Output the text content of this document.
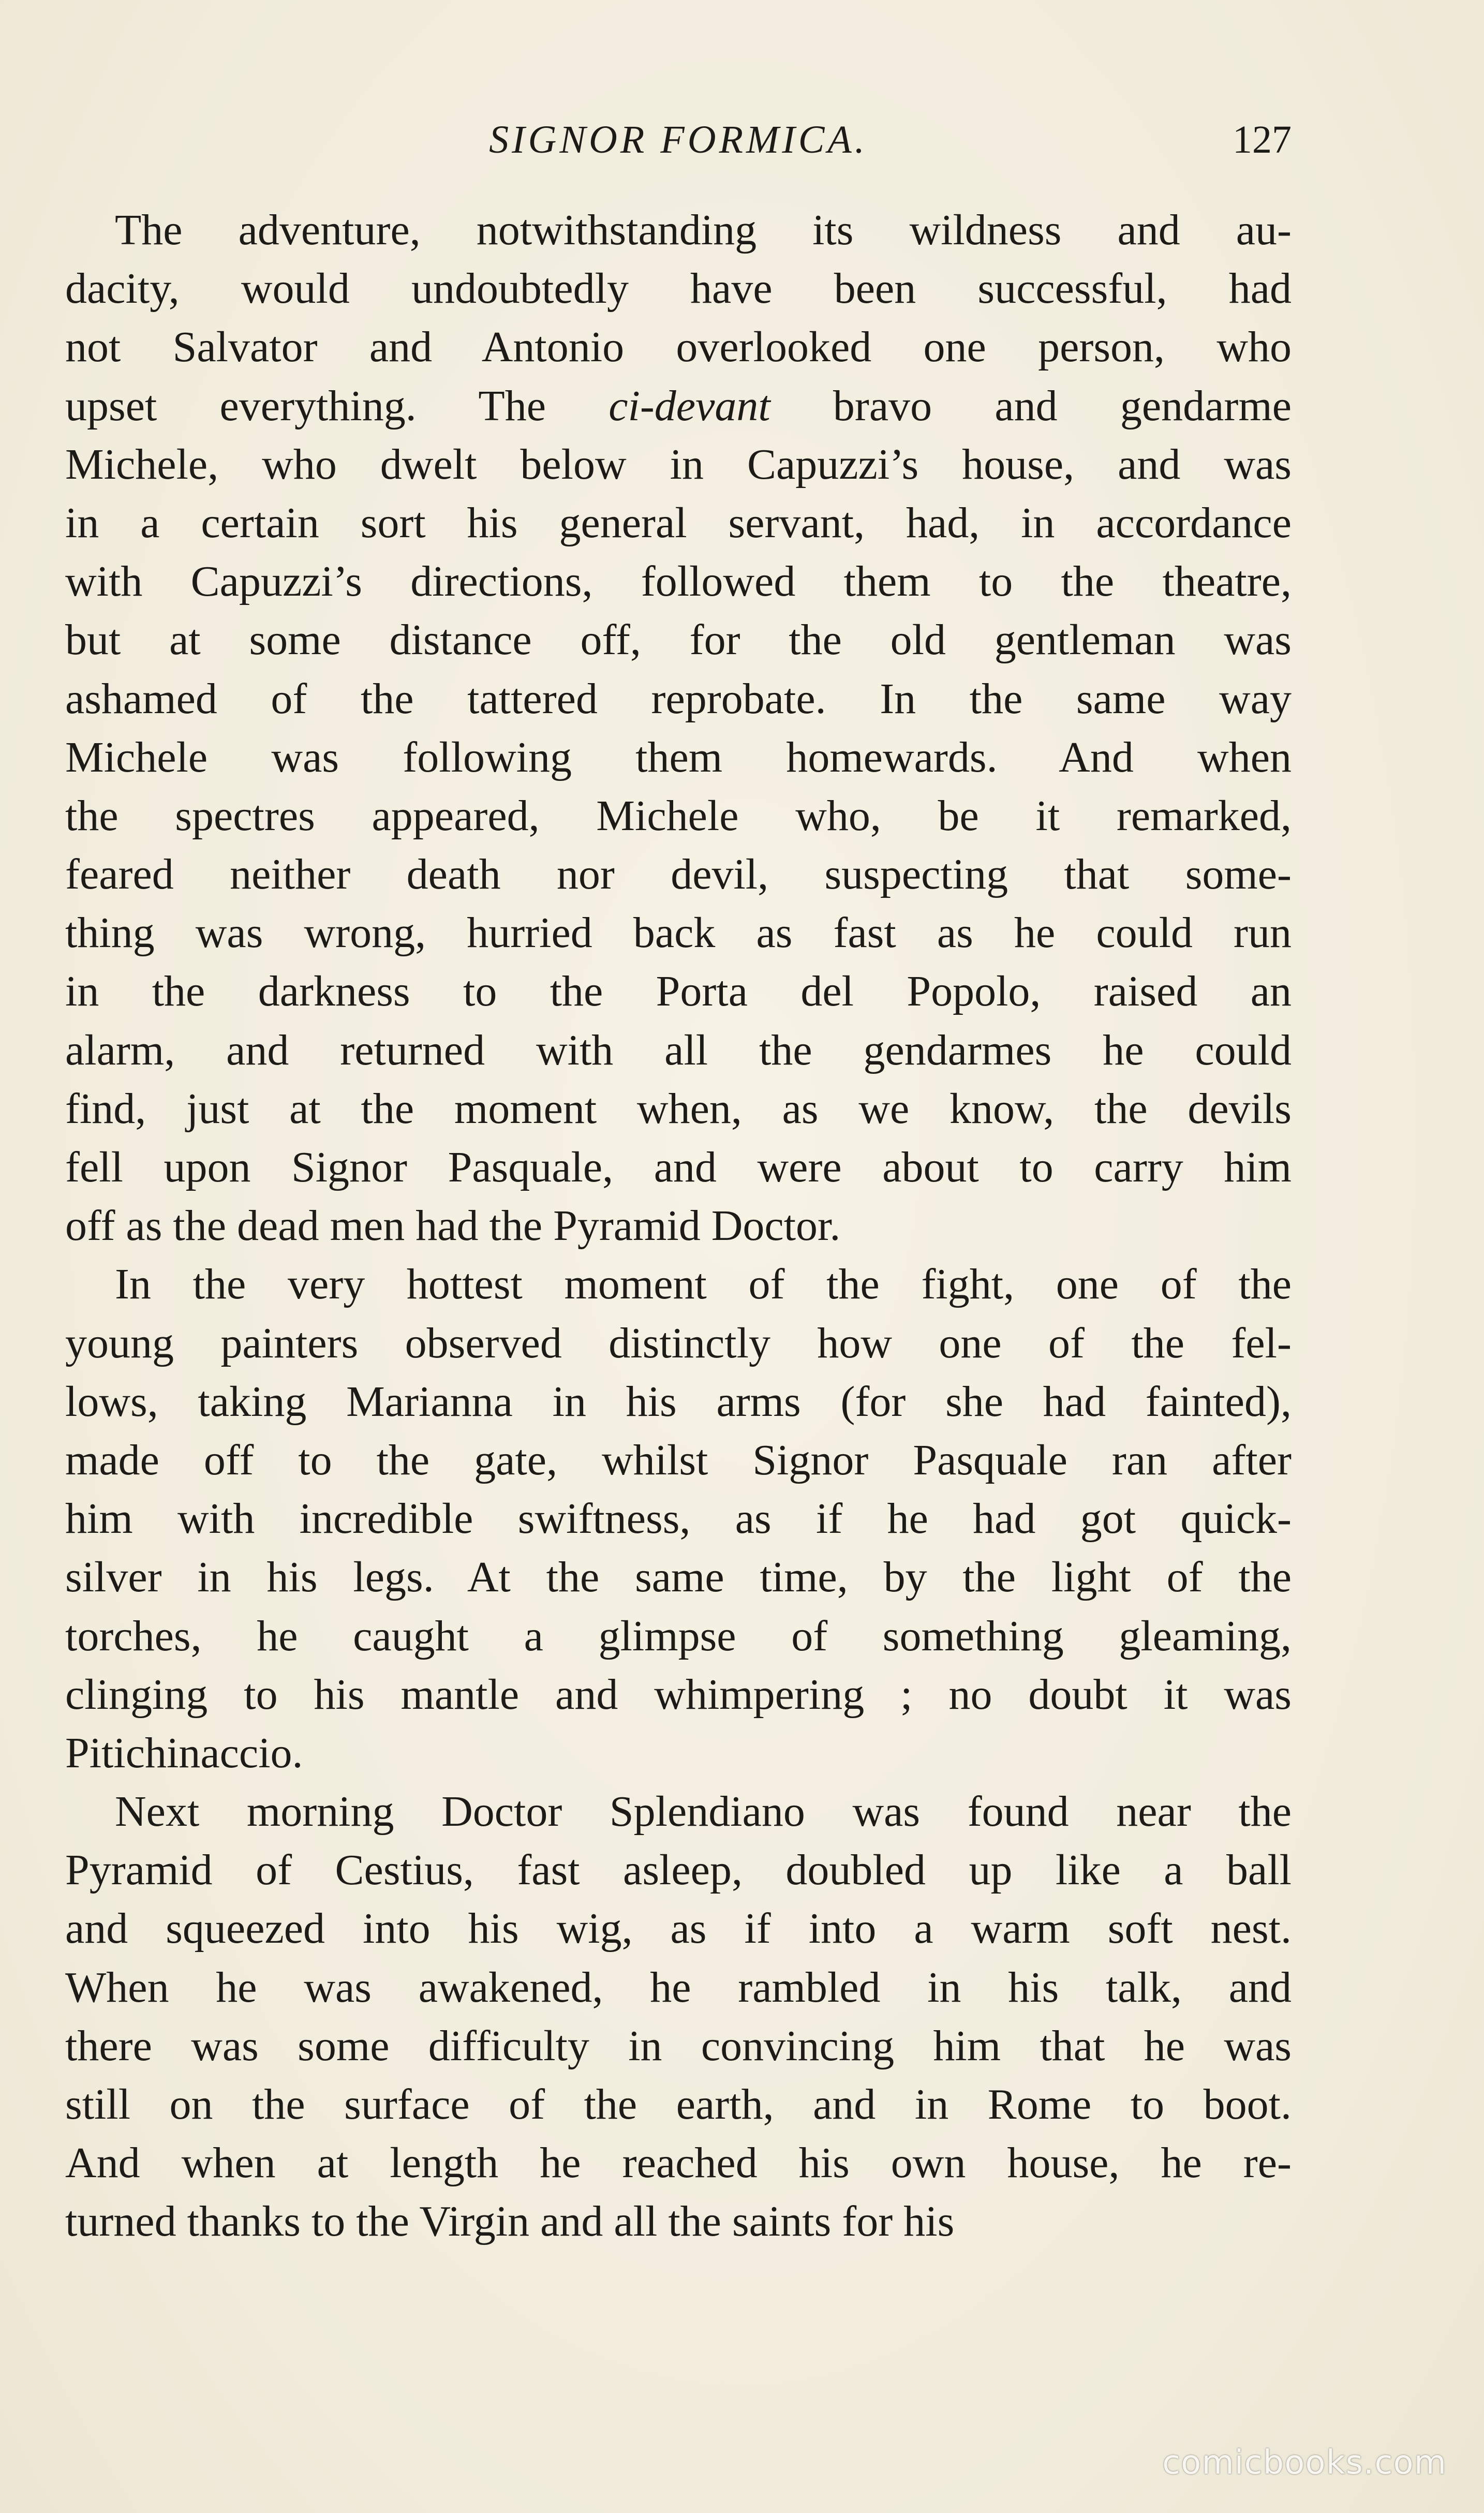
SIGNOR FORMICA.	127
The adventure, notwithstanding its wildness and au-
dacity, would undoubtedly have been successful, had
not Salvator and Antonio overlooked one person, who
upset everything. The ci-devant bravo and gendarme
Michele, who dwelt below in Capuzzi’s house, and was
in a certain sort his general servant, had, in accordance
with Capuzzi’s directions, followed them to the theatre,
but at some distance off, for the old gentleman was
ashamed of the tattered reprobate. In the same way
Michele was following them homewards. And when
the spectres appeared, Michele who, be it remarked,
feared neither death nor devil, suspecting that some-
thing was wrong, hurried back as fast as he could run
in the darkness to the Porta del Popolo, raised an
alarm, and returned with all the gendarmes he could
find, just at the moment when, as we know, the devils
fell upon Signor Pasquale, and were about to carry him
off as the dead men had the Pyramid Doctor.
In the very hottest moment of the fight, one of the
young painters observed distinctly how one of the fel-
lows, taking Marianna in his arms (for she had fainted),
made off to the gate, whilst Signor Pasquale ran after
him with incredible swiftness, as if he had got quick-
silver in his legs. At the same time, by the light of the
torches, he caught a glimpse of something gleaming,
clinging to his mantle and whimpering ; no doubt it was
Pitichinaccio.
Next morning Doctor Splendiano was found near the
Pyramid of Cestius, fast asleep, doubled up like a ball
and squeezed into his wig, as if into a warm soft nest.
When he was awakened, he rambled in his talk, and
there was some difficulty in convincing him that he was
still on the surface of the earth, and in Rome to boot.
And when at length he reached his own house, he re-
turned thanks to the Virgin and all the saints for his
comicbooks.com
